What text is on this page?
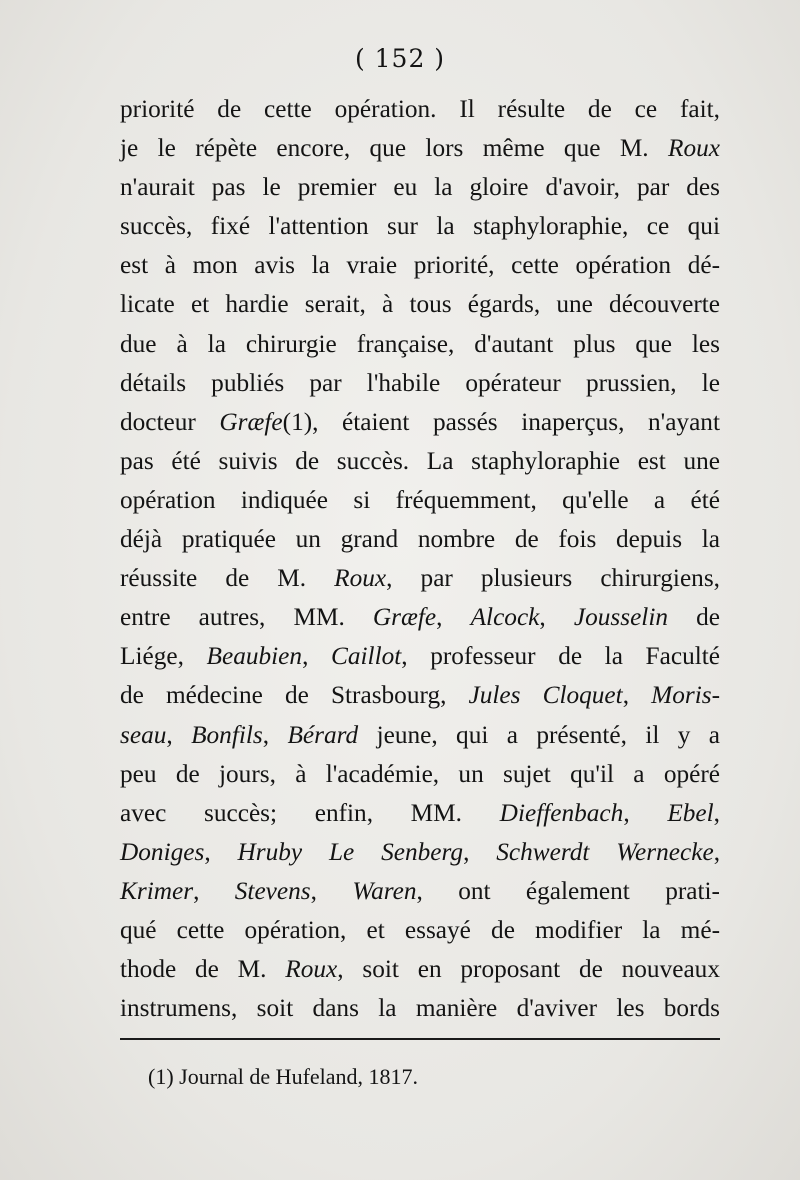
( 152 )
priorité de cette opération. Il résulte de ce fait,
je le répète encore, que lors même que M. Roux
n'aurait pas le premier eu la gloire d'avoir, par des
succès, fixé l'attention sur la staphyloraphie, ce qui
est à mon avis la vraie priorité, cette opération dé-
licate et hardie serait, à tous égards, une découverte
due à la chirurgie française, d'autant plus que les
détails publiés par l'habile opérateur prussien, le
docteur Græfe(1), étaient passés inaperçus, n'ayant
pas été suivis de succès. La staphyloraphie est une
opération indiquée si fréquemment, qu'elle a été
déjà pratiquée un grand nombre de fois depuis la
réussite de M. Roux, par plusieurs chirurgiens,
entre autres, MM. Græfe, Alcock, Jousselin de
Liége, Beaubien, Caillot, professeur de la Faculté
de médecine de Strasbourg, Jules Cloquet, Moris-
seau, Bonfils, Bérard jeune, qui a présenté, il y a
peu de jours, à l'académie, un sujet qu'il a opéré
avec succès; enfin, MM. Dieffenbach, Ebel,
Doniges, Hruby Le Senberg, Schwerdt Wernecke,
Krimer, Stevens, Waren, ont également prati-
qué cette opération, et essayé de modifier la mé-
thode de M. Roux, soit en proposant de nouveaux
instrumens, soit dans la manière d'aviver les bords
(1) Journal de Hufeland, 1817.
